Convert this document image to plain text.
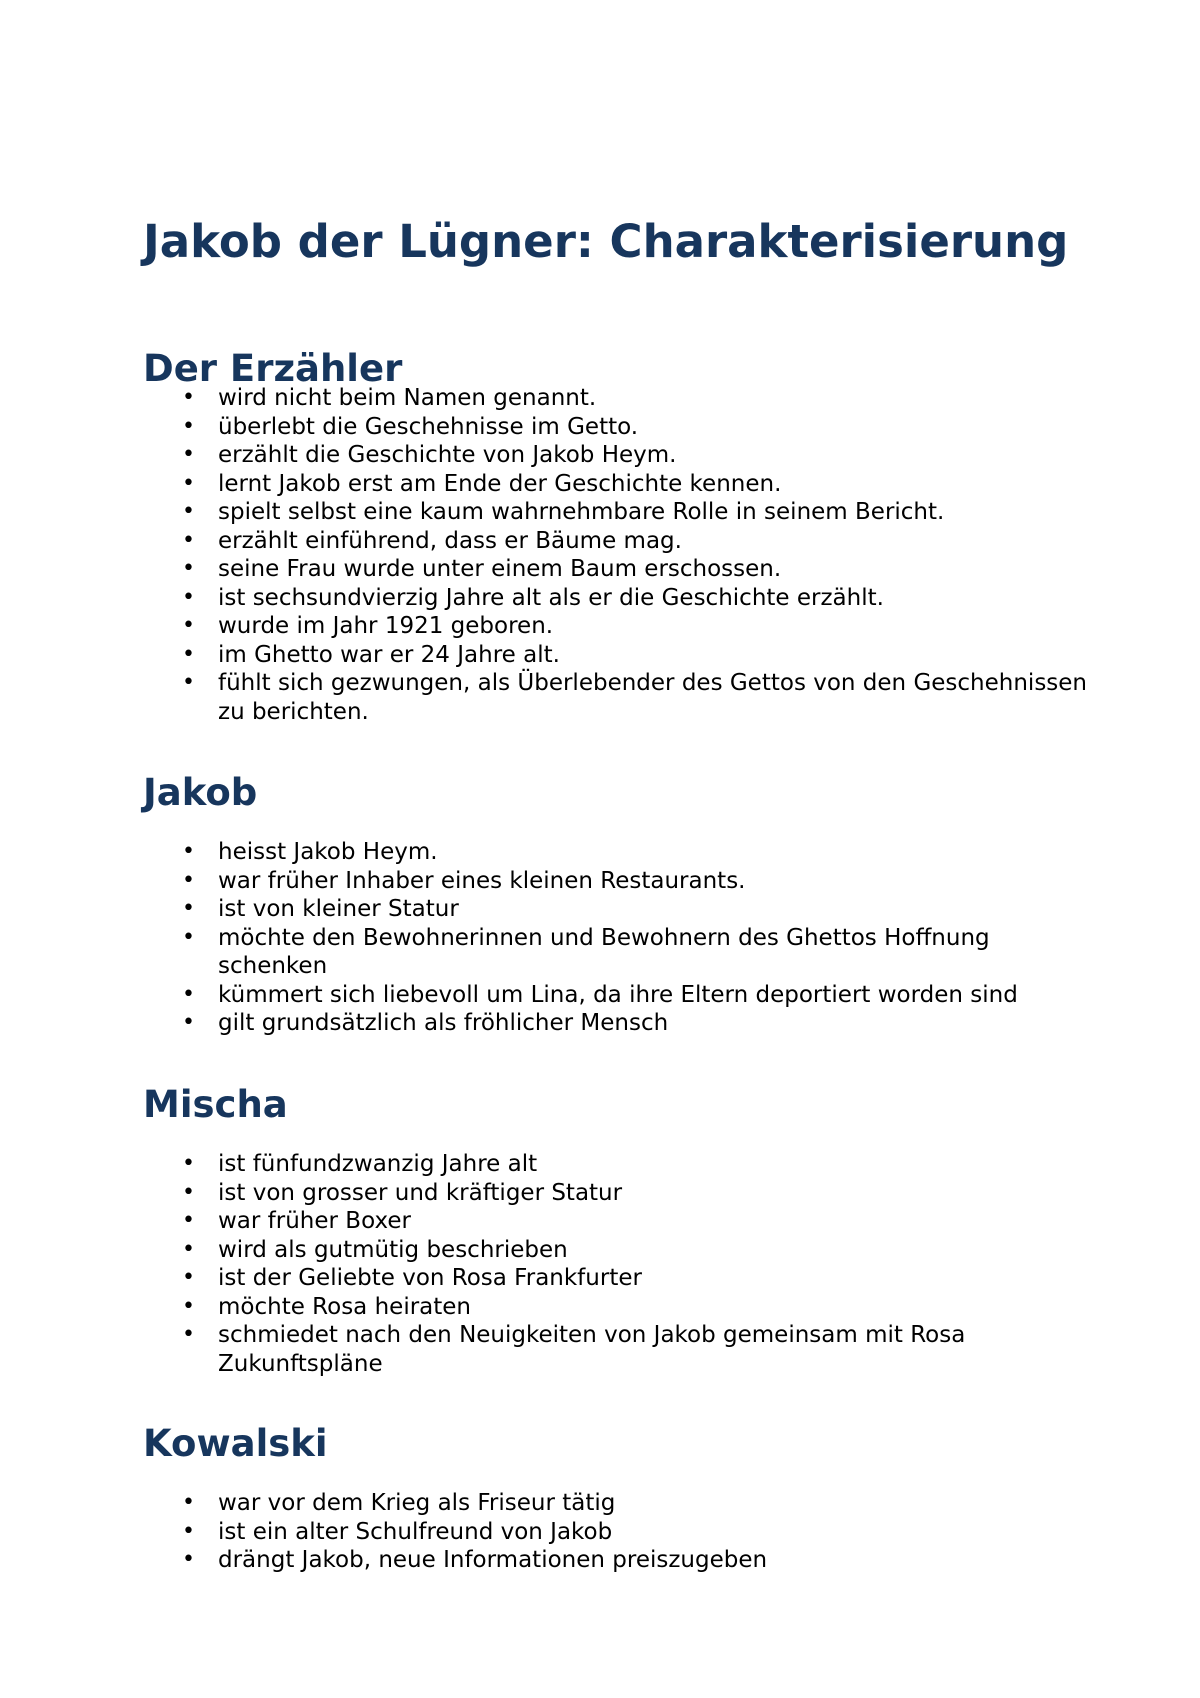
Jakob der Lügner: Charakterisierung
Der Erzähler
• wird nicht beim Namen genannt.
• überlebt die Geschehnisse im Getto.
• erzählt die Geschichte von Jakob Heym.
• lernt Jakob erst am Ende der Geschichte kennen.
• spielt selbst eine kaum wahrnehmbare Rolle in seinem Bericht.
• erzählt einführend, dass er Bäume mag.
• seine Frau wurde unter einem Baum erschossen.
• ist sechsundvierzig Jahre alt als er die Geschichte erzählt.
• wurde im Jahr 1921 geboren.
• im Ghetto war er 24 Jahre alt.
• fühlt sich gezwungen, als Überlebender des Gettos von den Geschehnissen zu berichten.
Jakob
• heisst Jakob Heym.
• war früher Inhaber eines kleinen Restaurants.
• ist von kleiner Statur
• möchte den Bewohnerinnen und Bewohnern des Ghettos Hoffnung schenken
• kümmert sich liebevoll um Lina, da ihre Eltern deportiert worden sind
• gilt grundsätzlich als fröhlicher Mensch
Mischa
• ist fünfundzwanzig Jahre alt
• ist von grosser und kräftiger Statur
• war früher Boxer
• wird als gutmütig beschrieben
• ist der Geliebte von Rosa Frankfurter
• möchte Rosa heiraten
• schmiedet nach den Neuigkeiten von Jakob gemeinsam mit Rosa Zukunftspläne
Kowalski
• war vor dem Krieg als Friseur tätig
• ist ein alter Schulfreund von Jakob
• drängt Jakob, neue Informationen preiszugeben
